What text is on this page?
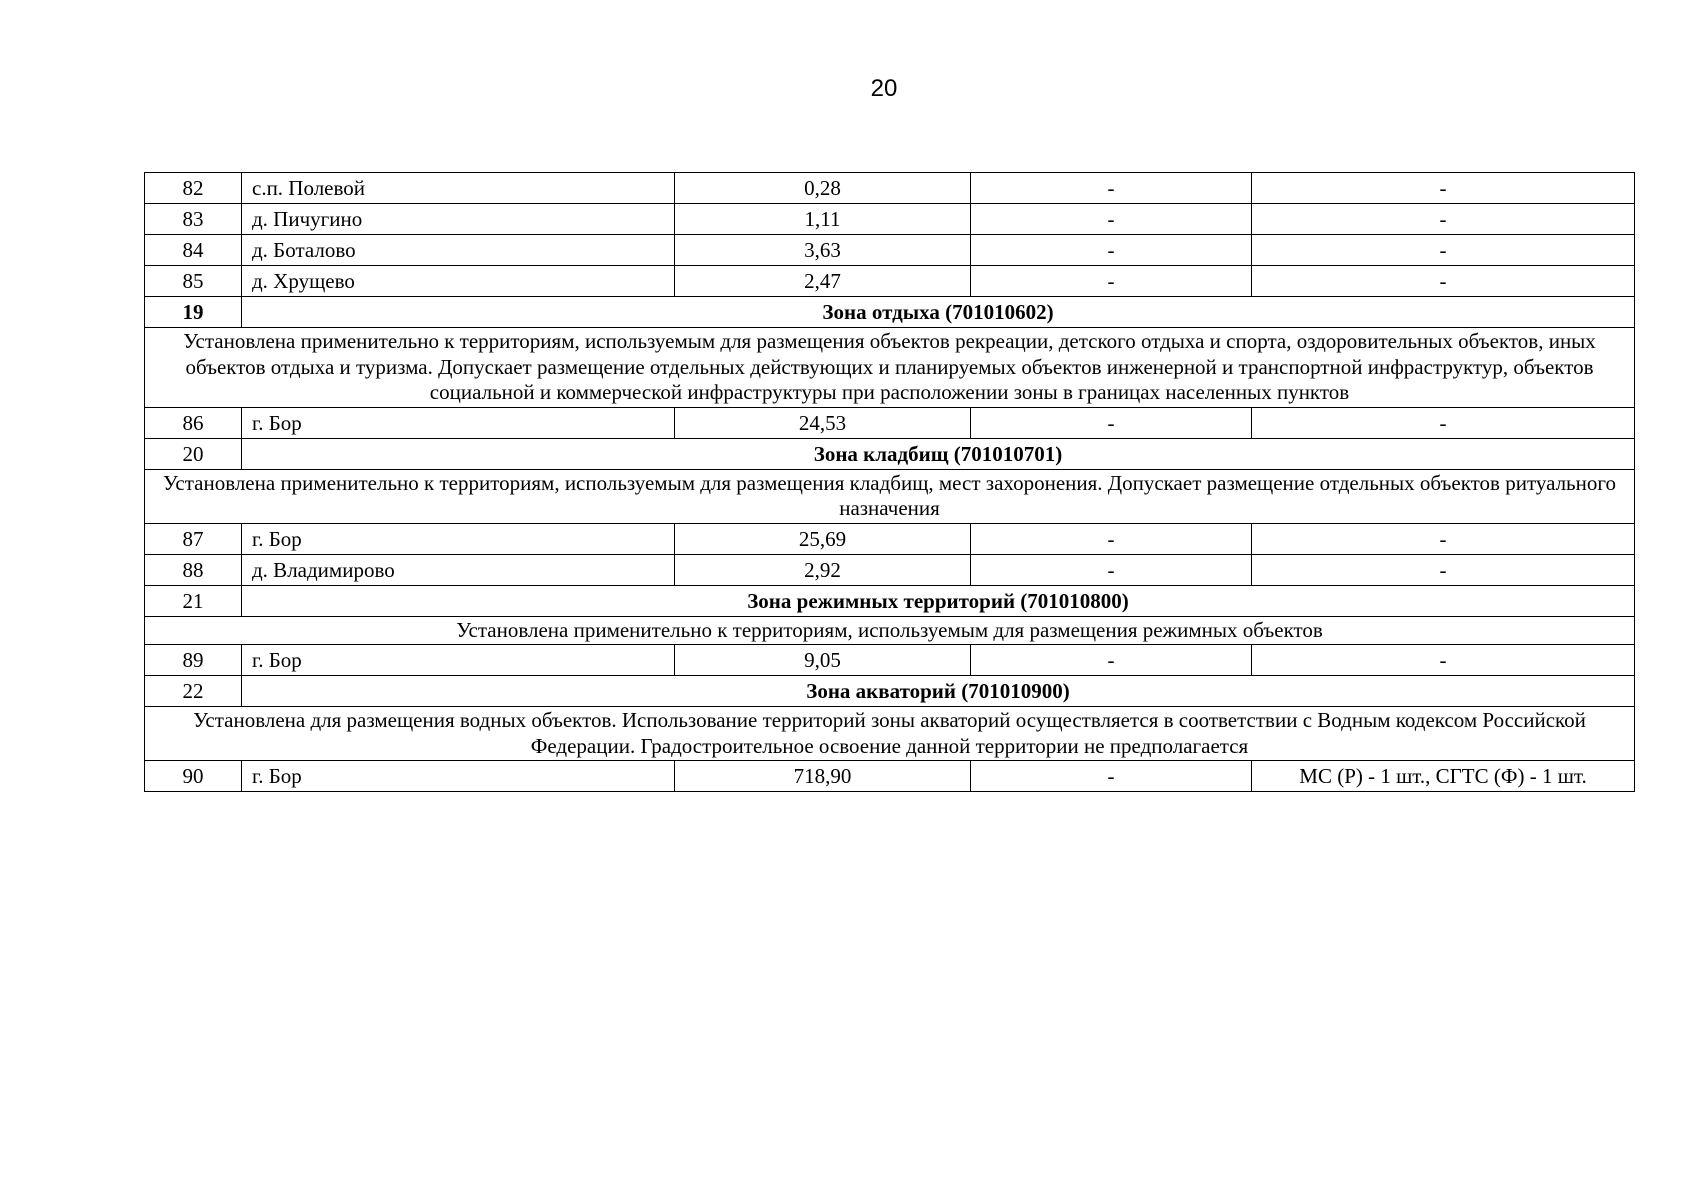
20
82	с.п. Полевой	0,28	-	-
83	д. Пичугино	1,11	-	-
84	д. Боталово	3,63	-	-
85	д. Хрущево	2,47	-	-
19	Зона отдыха (701010602)			
Установлена применительно к территориям, используемым для размещения объектов рекреации, детского отдыха и спорта, оздоровительных объектов, иных объектов отдыха и туризма. Допускает размещение отдельных действующих и планируемых объектов инженерной и транспортной инфраструктур, объектов социальной и коммерческой инфраструктуры при расположении зоны в границах населенных пунктов				
86	г. Бор	24,53	-	-
20	Зона кладбищ (701010701)			
Установлена применительно к территориям, используемым для размещения кладбищ, мест захоронения. Допускает размещение отдельных объектов ритуального назначения				
87	г. Бор	25,69	-	-
88	д. Владимирово	2,92	-	-
21	Зона режимных территорий (701010800)			
Установлена применительно к территориям, используемым для размещения режимных объектов				
89	г. Бор	9,05	-	-
22	Зона акваторий (701010900)			
Установлена для размещения водных объектов. Использование территорий зоны акваторий осуществляется в соответствии с Водным кодексом Российской Федерации. Градостроительное освоение данной территории не предполагается				
90	г. Бор	718,90	-	МС (Р) - 1 шт., СГТС (Ф) - 1 шт.
